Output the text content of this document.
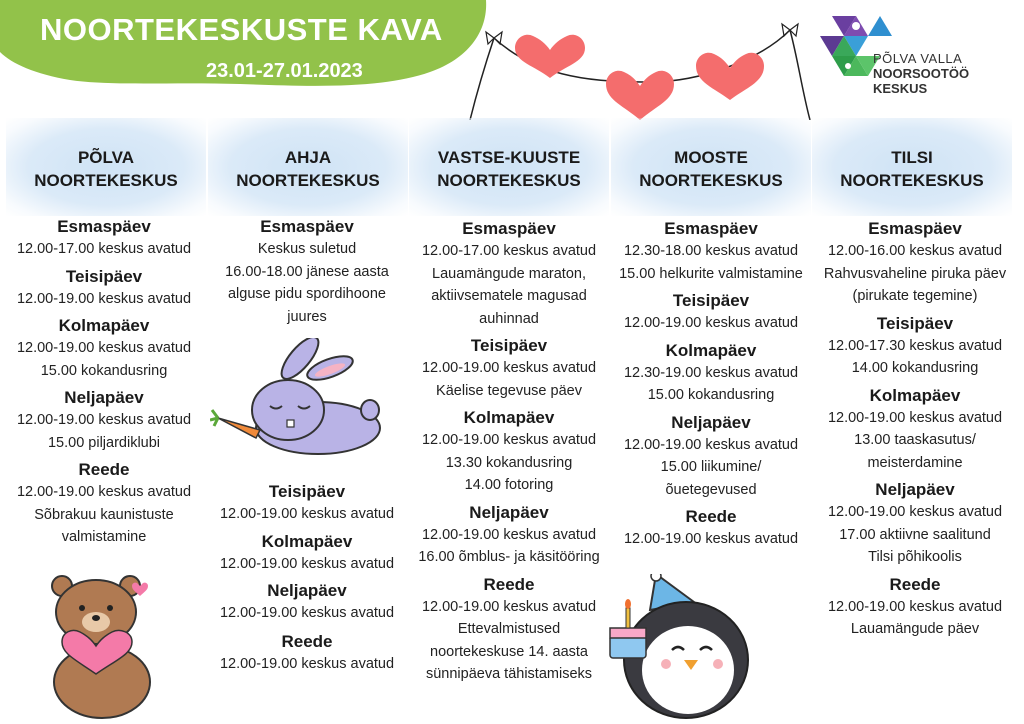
NOORTEKESKUSTE KAVA
23.01-27.01.2023
PÕLVA VALLA
NOORSOOTÖÖ
KESKUS
PÕLVA
NOORTEKESKUS
AHJA
NOORTEKESKUS
VASTSE-KUUSTE
NOORTEKESKUS
MOOSTE
NOORTEKESKUS
TILSI
NOORTEKESKUS
Esmaspäev
12.00-17.00 keskus avatud
Teisipäev
12.00-19.00 keskus avatud
Kolmapäev
12.00-19.00 keskus avatud
15.00 kokandusring
Neljapäev
12.00-19.00 keskus avatud
15.00 piljardiklubi
Reede
12.00-19.00 keskus avatud
Sõbrakuu kaunistuste
valmistamine
Esmaspäev
Keskus suletud
16.00-18.00 jänese aasta
alguse pidu spordihoone
juures
Teisipäev
12.00-19.00 keskus avatud
Kolmapäev
12.00-19.00 keskus avatud
Neljapäev
12.00-19.00 keskus avatud
Reede
12.00-19.00 keskus avatud
Esmaspäev
12.00-17.00 keskus avatud
Lauamängude maraton,
aktiivsematele magusad
auhinnad
Teisipäev
12.00-19.00 keskus avatud
Käelise tegevuse päev
Kolmapäev
12.00-19.00 keskus avatud
13.30 kokandusring
14.00 fotoring
Neljapäev
12.00-19.00 keskus avatud
16.00 õmblus- ja käsitööring
Reede
12.00-19.00 keskus avatud
Ettevalmistused
noortekeskuse 14. aasta
sünnipäeva tähistamiseks
Esmaspäev
12.30-18.00 keskus avatud
15.00 helkurite valmistamine
Teisipäev
12.00-19.00 keskus avatud
Kolmapäev
12.30-19.00 keskus avatud
15.00 kokandusring
Neljapäev
12.00-19.00 keskus avatud
15.00 liikumine/
õuetegevused
Reede
12.00-19.00 keskus avatud
Esmaspäev
12.00-16.00 keskus avatud
Rahvusvaheline piruka päev
(pirukate tegemine)
Teisipäev
12.00-17.30 keskus avatud
14.00 kokandusring
Kolmapäev
12.00-19.00 keskus avatud
13.00 taaskasutus/
meisterdamine
Neljapäev
12.00-19.00 keskus avatud
17.00 aktiivne saalitund
Tilsi põhikoolis
Reede
12.00-19.00 keskus avatud
Lauamängude päev
